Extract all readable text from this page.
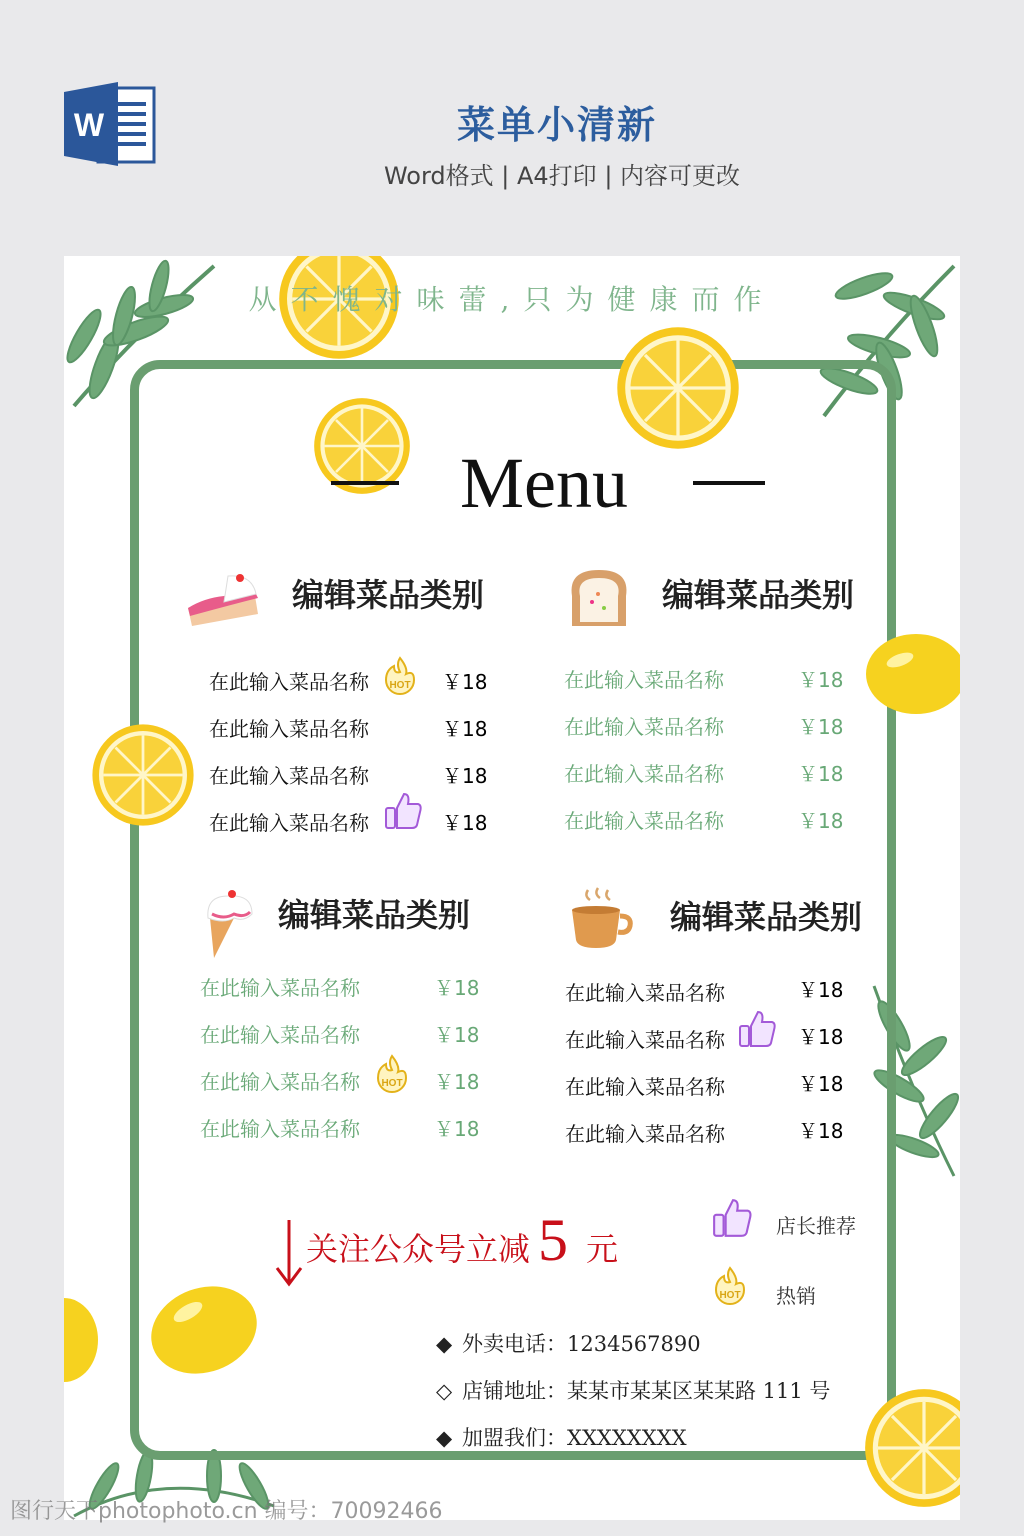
W	菜单小清新
Word格式 | A4打印 | 内容可更改
从不愧对味蕾,只为健康而作
Menu
编辑菜品类别
在此输入菜品名称
在此输入菜品名称
在此输入菜品名称
在此输入菜品名称
￥18
￥18
￥18
￥18
HOT
编辑菜品类别
在此输入菜品名称
在此输入菜品名称
在此输入菜品名称
在此输入菜品名称
￥18
￥18
￥18
￥18
编辑菜品类别
在此输入菜品名称
在此输入菜品名称
在此输入菜品名称
在此输入菜品名称
￥18
￥18
￥18
￥18
HOT
编辑菜品类别
在此输入菜品名称
在此输入菜品名称
在此输入菜品名称
在此输入菜品名称
￥18
￥18
￥18
￥18
关注公众号立减 5 元
店长推荐
HOT 热销
◆ 外卖电话：1234567890
◇ 店铺地址：某某市某某区某某路 111 号
◆ 加盟我们：XXXXXXXX
图行天下photophoto.cn 编号：70092466
